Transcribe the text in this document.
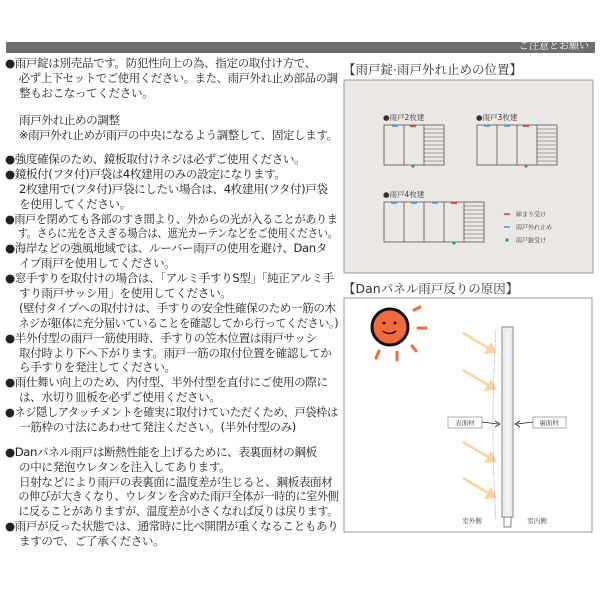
ご注意とお願い
●雨戸錠は別売品です。防犯性向上の為、指定の取付け方で、
必ず上下セットでご使用ください。また、雨戸外れ止め部品の調
整もおこなってください。
雨戸外れ止めの調整
※雨戸外れ止めが雨戸の中央になるよう調整して、固定します。
●強度確保のため、鏡板取付けネジは必ずご使用ください。
●鏡板付(フタ付)戸袋は4枚建用のみの設定になります。
2枚建用で(フタ付)戸袋にしたい場合は、4枚建用(フタ付)戸袋
を使用してください。
●雨戸を閉めても各部のすき間より、外からの光が入ることがありま
す。さらに光をさえぎる場合は、遮光カーテンなどをご使用ください。
●海岸などの強風地域では、ルーバー雨戸の使用を避け、Danタ
イプ雨戸を使用してください。
●窓手すりを取付けの場合は、「アルミ手すりS型」「純正アルミ手
すり雨戸サッシ用」を使用してください。
(壁付タイプへの取付けは、手すりの安全性確保のため一筋の木
ネジが躯体に充分届いていることを確認してから行ってください。)
●半外付型の雨戸一筋使用時、手すりの笠木位置は雨戸サッシ
取付時より下へ下がります。雨戸一筋の取付位置を確認してか
ら手すりを発注してください。
●雨仕舞い向上のため、内付型、半外付型を直付にご使用の際に
は、水切り皿板を必ずご使用ください。
●ネジ隠しアタッチメントを確実に取付けていただくため、戸袋枠は
一筋枠の寸法にあわせて発注ください。(半外付型のみ)
●Danパネル雨戸は断熱性能を上げるために、表裏面材の鋼板
の中に発泡ウレタンを注入してあります。
日射などにより雨戸の表裏面に温度差が生じると、鋼板表面材
の伸びが大きくなり、ウレタンを含めた雨戸全体が一時的に室外側
に反ることがありますが、温度差が小さくなれば反りは戻ります。
●雨戸が反った状態では、通常時に比べ開閉が重くなることもあり
ますので、ご了承ください。
【雨戸錠·雨戸外れ止めの位置】
●雨戸2枚建	●雨戸3枚建
●雨戸4枚建
締まり受け
雨戸外れ止め
雨戸錠受け
【Danパネル雨戸反りの原因】
表面材	裏面材
室外側	室内側
